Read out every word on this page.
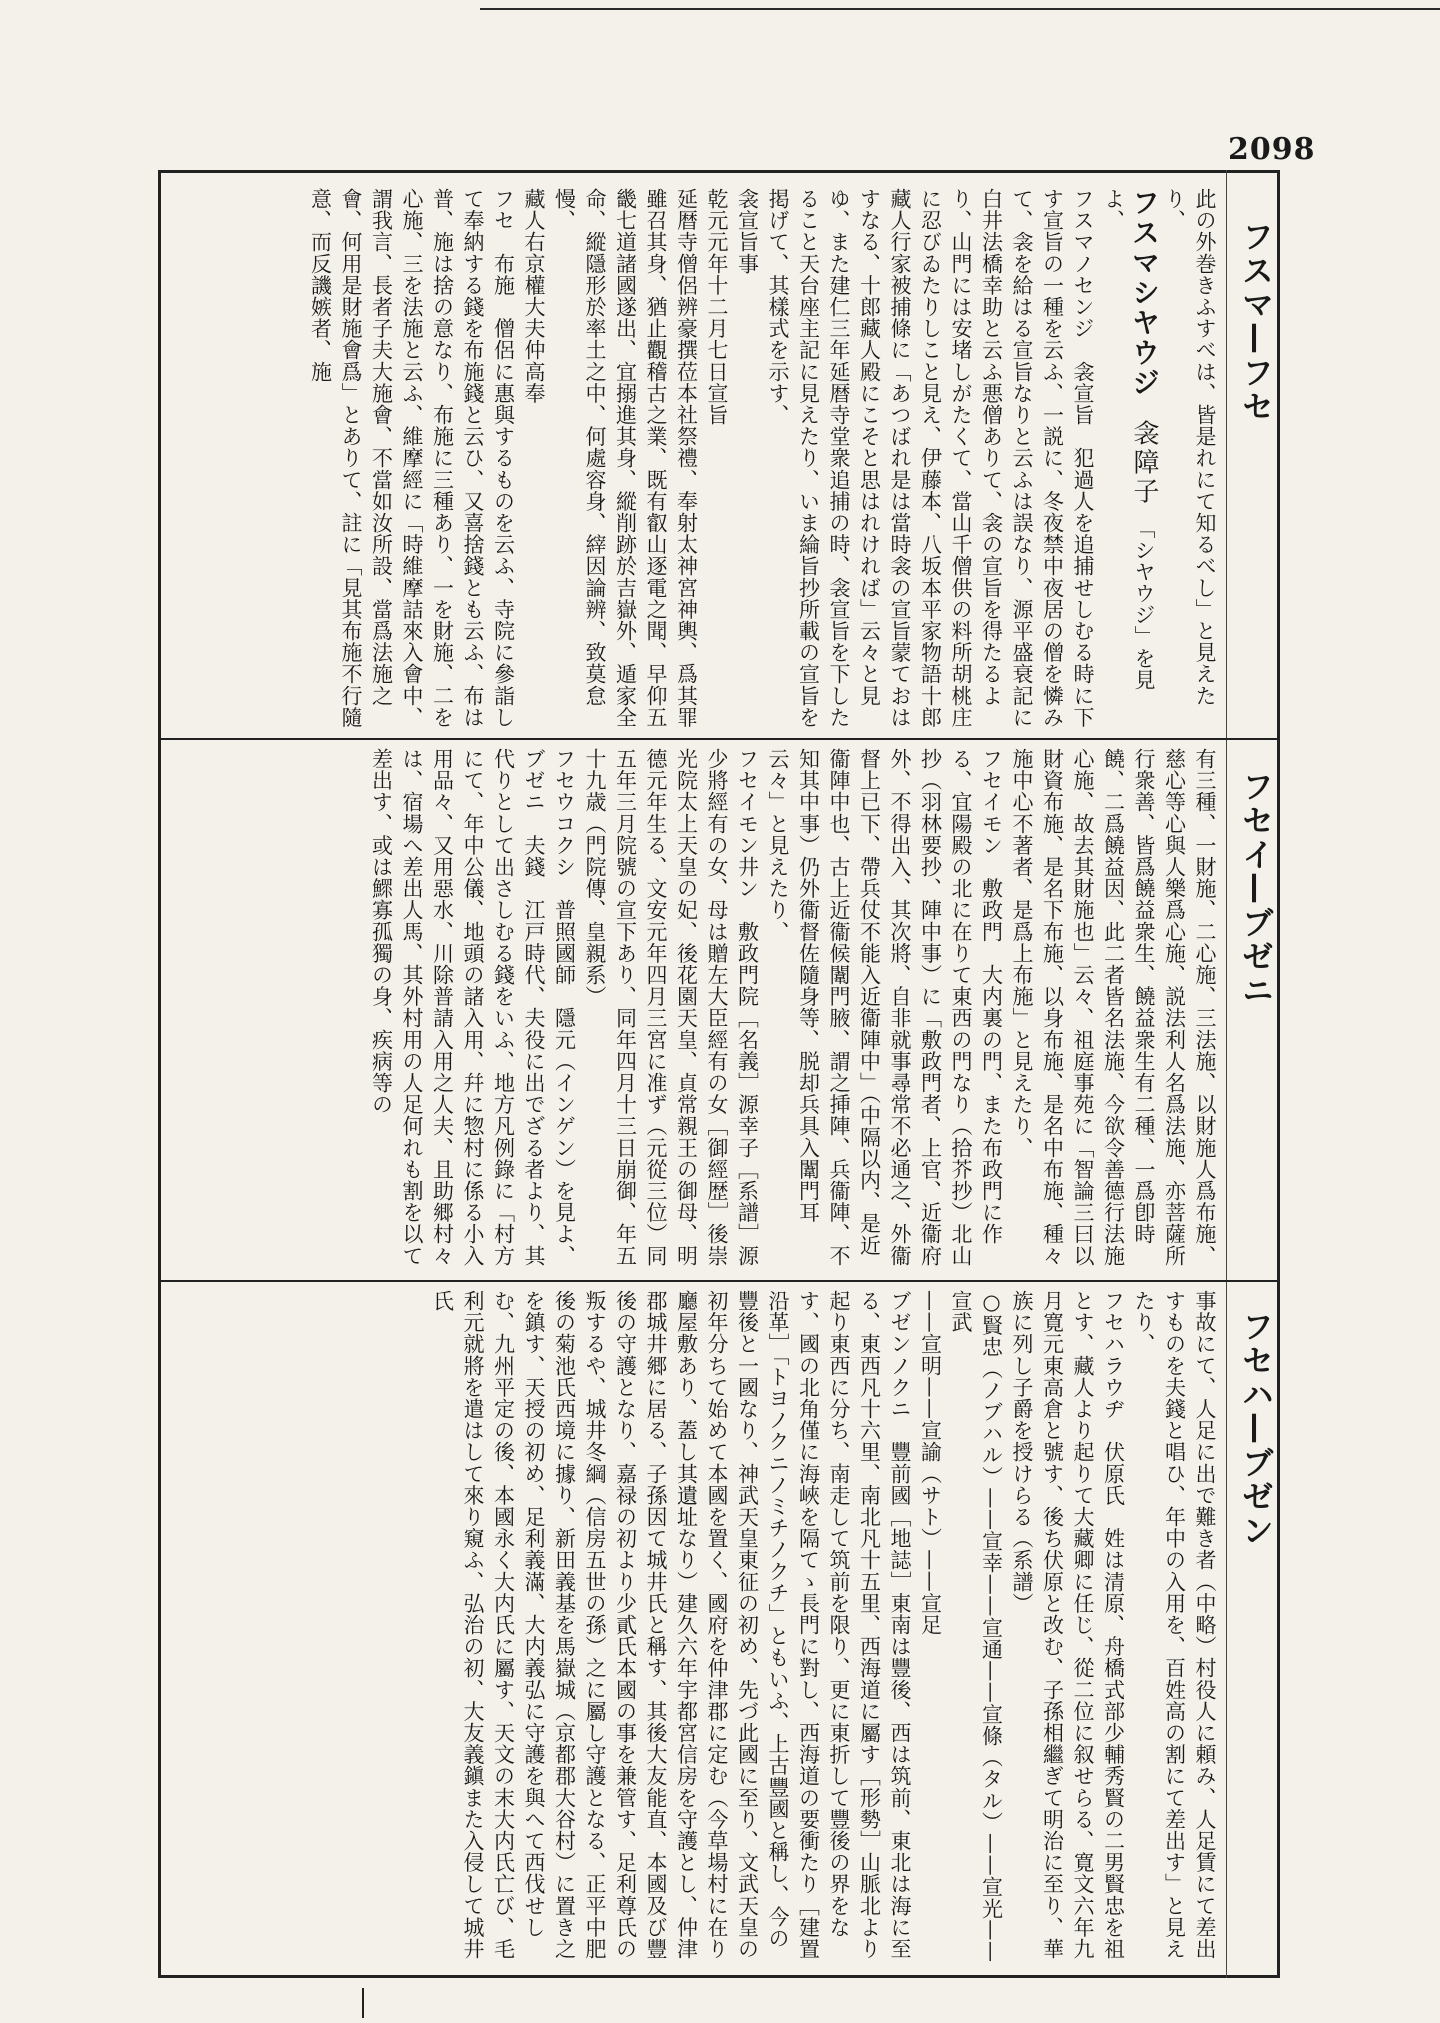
2098
フスマ—フセ
フセイ—ブゼニ
フセハ—ブゼン

此の外巻きふすべは、皆是れにて知るべし」と見えたり、

フスマシヤウジ　衾障子　「シヤウジ」を見よ、

フスマノセンジ　衾宣旨　犯過人を追捕せしむる時に下す宣旨の一種を云ふ、一説に、冬夜禁中夜居の僧を憐みて、衾を給はる宣旨なりと云ふは誤なり、源平盛衰記に白井法橋幸助と云ふ悪僧ありて、衾の宣旨を得たるより、山門には安堵しがたくて、當山千僧供の料所胡桃庄に忍びゐたりしこと見え、伊藤本、八坂本平家物語十郎藏人行家被捕條に「あつばれ是は當時衾の宣旨蒙ておはすなる、十郎藏人殿にこそと思はれければ」云々と見ゆ、また建仁三年延暦寺堂衆追捕の時、衾宣旨を下したること天台座主記に見えたり、いま綸旨抄所載の宣旨を掲げて、其樣式を示す、

衾宣旨事

乾元元年十二月七日宣旨

延暦寺僧侶辨豪撰莅本社祭禮、奉射太神宮神輿、爲其罪雖召其身、猶止觀稽古之業、既有叡山逐電之聞、早仰五畿七道諸國遂出、宜搦進其身、縱削跡於吉嶽外、遁家全命、縱隱形於率土之中、何處容身、縡因論辨、致莫怠慢、

藏人右京權大夫仲高奉

フセ　布施　僧侶に惠與するものを云ふ、寺院に參詣して奉納する錢を布施錢と云ひ、又喜捨錢とも云ふ、布は普、施は捨の意なり、布施に三種あり、一を財施、二を心施、三を法施と云ふ、維摩經に「時維摩詰來入會中、謂我言、長者子夫大施會、不當如汝所設、當爲法施之會、何用是財施會爲」とありて、註に「見其布施不行隨意、而反譏嫉者、施

有三種、一財施、二心施、三法施、以財施人爲布施、慈心等心與人樂爲心施、説法利人名爲法施、亦菩薩所行衆善、皆爲饒益衆生、饒益衆生有二種、一爲卽時饒、二爲饒益因、此二者皆名法施、今欲令善德行法施心施、故去其財施也」云々、祖庭事苑に「智論三曰以財資布施、是名下布施、以身布施、是名中布施、種々施中心不著者、是爲上布施」と見えたり、

フセイモン　敷政門　大内裏の門、また布政門に作る、宜陽殿の北に在りて東西の門なり（拾芥抄）北山抄（羽林要抄、陣中事）に「敷政門者、上官、近衞府外、不得出入、其次將、自非就事尋常不必通之、外衞督上已下、帶兵仗不能入近衞陣中」（中隔以内、是近衞陣中也、古上近衞候闈門腋、謂之挿陣、兵衞陣、不知其中事）仍外衞督佐隨身等、脱却兵具入闈門耳云々」と見えたり、

フセイモン井ン　敷政門院［名義］源幸子［系譜］源少將經有の女、母は贈左大臣經有の女［御經歴］後崇光院太上天皇の妃、後花園天皇、貞常親王の御母、明德元年生る、文安元年四月三宮に准ず（元從三位）同五年三月院號の宣下あり、同年四月十三日崩御、年五十九歳（門院傳、皇親系）

フセウコクシ　普照國師　隱元（インゲン）を見よ、

ブゼニ　夫錢　江戸時代、夫役に出でざる者より、其代りとして出さしむる錢をいふ、地方凡例錄に「村方にて、年中公儀、地頭の諸入用、幷に惣村に係る小入用品々、又用惡水、川除普請入用之人夫、且助郷村々は、宿場へ差出人馬、其外村用の人足何れも割を以て差出す、或は鰥寡孤獨の身、疾病等の

事故にて、人足に出で難き者（中略）村役人に頼み、人足賃にて差出すものを夫錢と唱ひ、年中の入用を、百姓高の割にて差出す」と見えたり、

フセハラウヂ　伏原氏　姓は清原、舟橋式部少輔秀賢の二男賢忠を祖とす、藏人より起りて大藏卿に任じ、從二位に叙せらる、寛文六年九月寛元東高倉と號す、後ち伏原と改む、子孫相繼ぎて明治に至り、華族に列し子爵を授けらる（系譜）

○賢忠（ノブハル）——宣幸——宣通——宣條（タル）——宣光——宣武

——宣明——宣諭（サト）——宣足

ブゼンノクニ　豐前國［地誌］東南は豐後、西は筑前、東北は海に至る、東西凡十六里、南北凡十五里、西海道に屬す［形勢］山脈北より起り東西に分ち、南走して筑前を限り、更に東折して豐後の界をなす、國の北角僅に海峽を隔てゝ長門に對し、西海道の要衝たり［建置沿革］「トヨノクニノミチノクチ」ともいふ、上古豐國と稱し、今の豐後と一國なり、神武天皇東征の初め、先づ此國に至り、文武天皇の初年分ちて始めて本國を置く、國府を仲津郡に定む（今草場村に在り廳屋敷あり、蓋し其遺址なり）建久六年宇都宮信房を守護とし、仲津郡城井郷に居る、子孫因て城井氏と稱す、其後大友能直、本國及び豐後の守護となり、嘉禄の初より少貳氏本國の事を兼管す、足利尊氏の叛するや、城井冬綱（信房五世の孫）之に屬し守護となる、正平中肥後の菊池氏西境に據り、新田義基を馬嶽城（京都郡大谷村）に置き之を鎮す、天授の初め、足利義滿、大内義弘に守護を與へて西伐せしむ、九州平定の後、本國永く大内氏に屬す、天文の末大内氏亡び、毛利元就將を遣はして來り窺ふ、弘治の初、大友義鎭また入侵して城井氏
